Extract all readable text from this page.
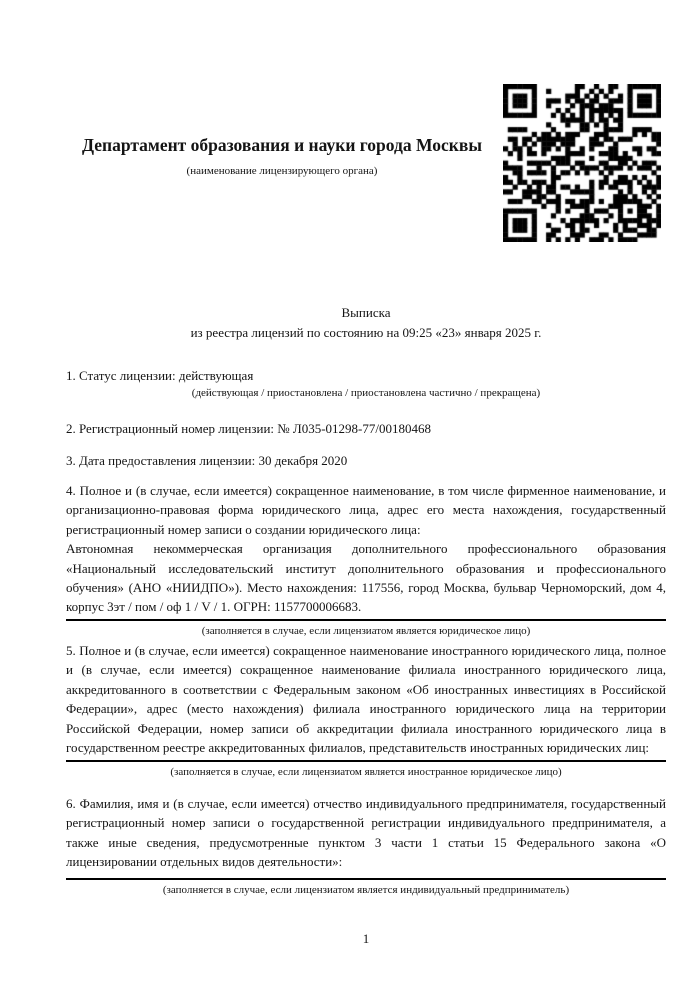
Департамент образования и науки города Москвы
(наименование лицензирующего органа)

Выписка

из реестра лицензий по состоянию на 09:25 «23» января 2025 г.

1. Статус лицензии: действующая

(действующая / приостановлена / приостановлена частично / прекращена)

2. Регистрационный номер лицензии: № Л035-01298-77/00180468

3. Дата предоставления лицензии: 30 декабря 2020

4. Полное и (в случае, если имеется) сокращенное наименование, в том числе фирменное наименование, и организационно-правовая форма юридического лица, адрес его места нахождения, государственный регистрационный номер записи о создании юридического лица:

Автономная некоммерческая организация дополнительного профессионального образования «Национальный исследовательский институт дополнительного образования и профессионального обучения» (АНО «НИИДПО»). Место нахождения: 117556, город Москва, бульвар Черноморский, дом 4, корпус 3эт / пом / оф 1 / V / 1. ОГРН: 1157700006683.

(заполняется в случае, если лицензиатом является юридическое лицо)

5. Полное и (в случае, если имеется) сокращенное наименование иностранного юридического лица, полное и (в случае, если имеется) сокращенное наименование филиала иностранного юридического лица, аккредитованного в соответствии с Федеральным законом «Об иностранных инвестициях в Российской Федерации», адрес (место нахождения) филиала иностранного юридического лица на территории Российской Федерации, номер записи об аккредитации филиала иностранного юридического лица в государственном реестре аккредитованных филиалов, представительств иностранных юридических лиц:

(заполняется в случае, если лицензиатом является иностранное юридическое лицо)

6. Фамилия, имя и (в случае, если имеется) отчество индивидуального предпринимателя, государственный регистрационный номер записи о государственной регистрации индивидуального предпринимателя, а также иные сведения, предусмотренные пунктом 3 части 1 статьи 15 Федерального закона «О лицензировании отдельных видов деятельности»:

(заполняется в случае, если лицензиатом является индивидуальный предприниматель)
1
